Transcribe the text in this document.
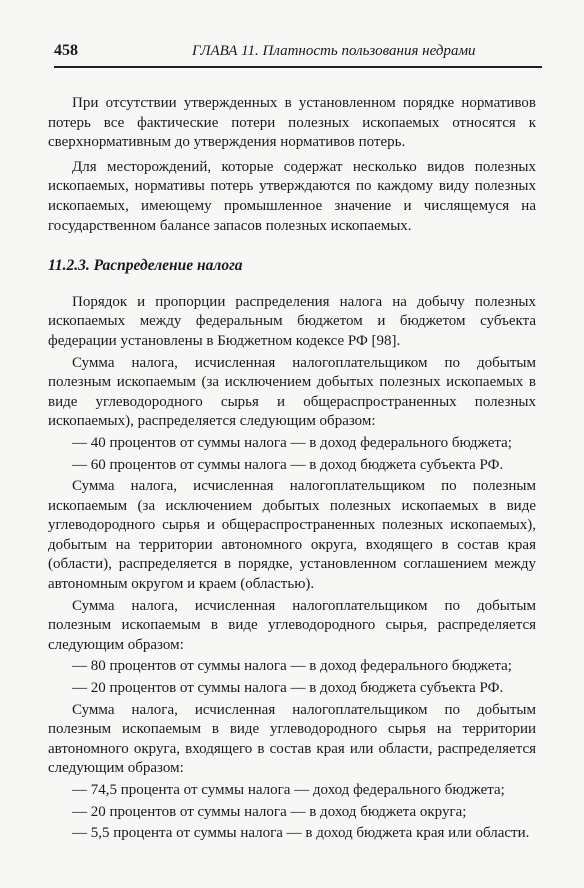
458	ГЛАВА 11. Платность пользования недрами

При отсутствии утвержденных в установленном порядке нормативов потерь все фактические потери полезных ископаемых относятся к сверхнормативным до утверждения нормативов потерь.

Для месторождений, которые содержат несколько видов полезных ископаемых, нормативы потерь утверждаются по каждому виду полезных ископаемых, имеющему промышленное значение и числящемуся на государственном балансе запасов полезных ископаемых.

11.2.3. Распределение налога

Порядок и пропорции распределения налога на добычу полезных ископаемых между федеральным бюджетом и бюджетом субъекта федерации установлены в Бюджетном кодексе РФ [98].

Сумма налога, исчисленная налогоплательщиком по добытым полезным ископаемым (за исключением добытых полезных ископаемых в виде углеводородного сырья и общераспространенных полезных ископаемых), распределяется следующим образом:

— 40 процентов от суммы налога — в доход федерального бюджета;

— 60 процентов от суммы налога — в доход бюджета субъекта РФ.

Сумма налога, исчисленная налогоплательщиком по полезным ископаемым (за исключением добытых полезных ископаемых в виде углеводородного сырья и общераспространенных полезных ископаемых), добытым на территории автономного округа, входящего в состав края (области), распределяется в порядке, установленном соглашением между автономным округом и краем (областью).

Сумма налога, исчисленная налогоплательщиком по добытым полезным ископаемым в виде углеводородного сырья, распределяется следующим образом:

— 80 процентов от суммы налога — в доход федерального бюджета;

— 20 процентов от суммы налога — в доход бюджета субъекта РФ.

Сумма налога, исчисленная налогоплательщиком по добытым полезным ископаемым в виде углеводородного сырья на территории автономного округа, входящего в состав края или области, распределяется следующим образом:

— 74,5 процента от суммы налога — доход федерального бюджета;

— 20 процентов от суммы налога — в доход бюджета округа;

— 5,5 процента от суммы налога — в доход бюджета края или области.
